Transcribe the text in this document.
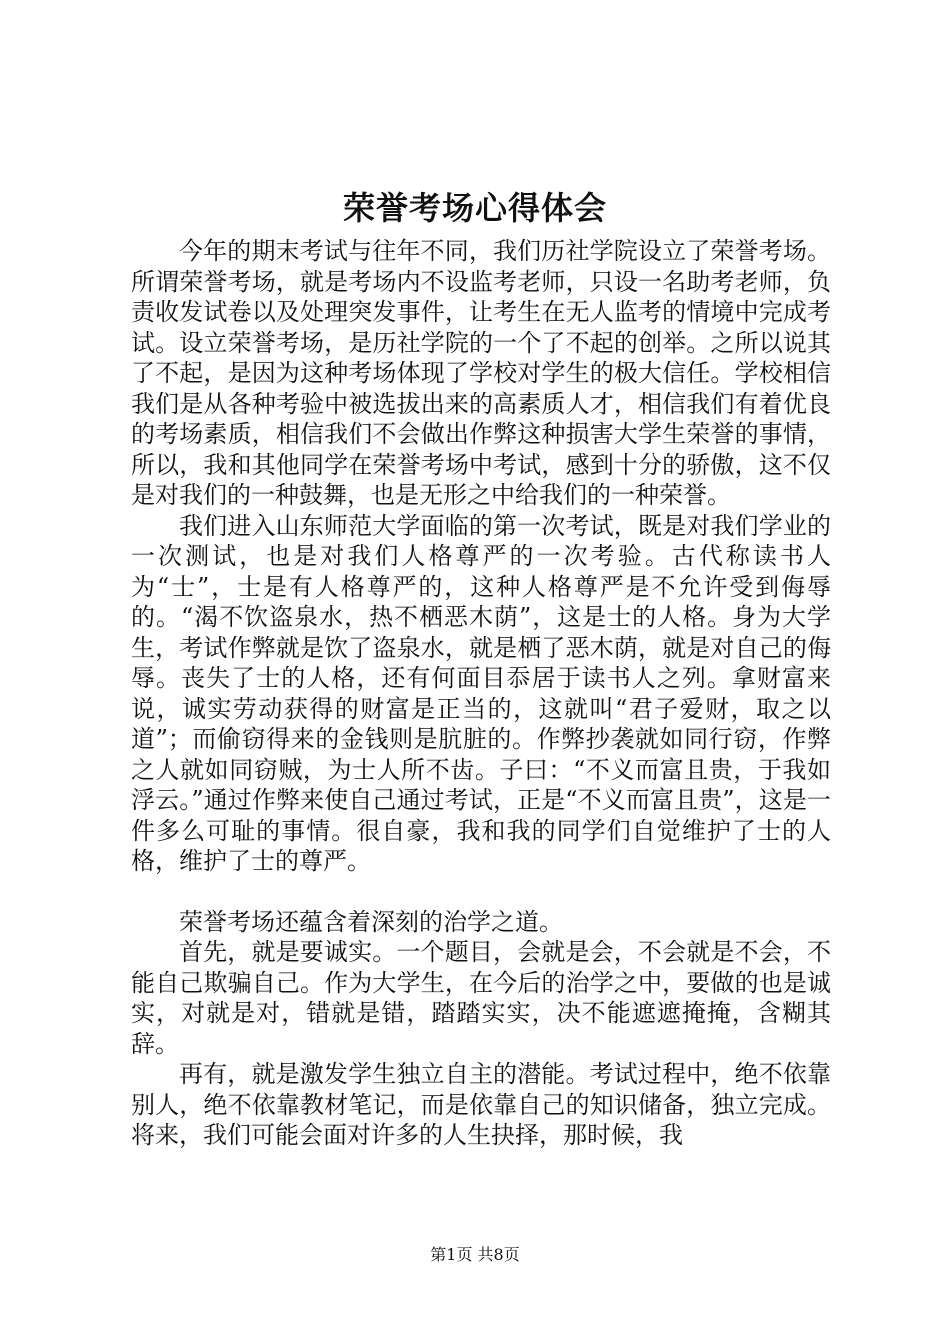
荣誉考场心得体会

今年的期末考试与往年不同，我们历社学院设立了荣誉考场。所谓荣誉考场，就是考场内不设监考老师，只设一名助考老师，负责收发试卷以及处理突发事件，让考生在无人监考的情境中完成考试。设立荣誉考场，是历社学院的一个了不起的创举。之所以说其了不起，是因为这种考场体现了学校对学生的极大信任。学校相信我们是从各种考验中被选拔出来的高素质人才，相信我们有着优良的考场素质，相信我们不会做出作弊这种损害大学生荣誉的事情，所以，我和其他同学在荣誉考场中考试，感到十分的骄傲，这不仅是对我们的一种鼓舞，也是无形之中给我们的一种荣誉。

我们进入山东师范大学面临的第一次考试，既是对我们学业的一次测试，也是对我们人格尊严的一次考验。古代称读书人为“士”，士是有人格尊严的，这种人格尊严是不允许受到侮辱的。“渴不饮盗泉水，热不栖恶木荫”，这是士的人格。身为大学生，考试作弊就是饮了盗泉水，就是栖了恶木荫，就是对自己的侮辱。丧失了士的人格，还有何面目忝居于读书人之列。拿财富来说，诚实劳动获得的财富是正当的，这就叫“君子爱财，取之以道”；而偷窃得来的金钱则是肮脏的。作弊抄袭就如同行窃，作弊之人就如同窃贼，为士人所不齿。子曰：“不义而富且贵，于我如浮云。”通过作弊来使自己通过考试，正是“不义而富且贵”，这是一件多么可耻的事情。很自豪，我和我的同学们自觉维护了士的人格，维护了士的尊严。

荣誉考场还蕴含着深刻的治学之道。

首先，就是要诚实。一个题目，会就是会，不会就是不会，不能自己欺骗自己。作为大学生，在今后的治学之中，要做的也是诚实，对就是对，错就是错，踏踏实实，决不能遮遮掩掩，含糊其辞。

再有，就是激发学生独立自主的潜能。考试过程中，绝不依靠别人，绝不依靠教材笔记，而是依靠自己的知识储备，独立完成。将来，我们可能会面对许多的人生抉择，那时候，我

第1页 共8页
